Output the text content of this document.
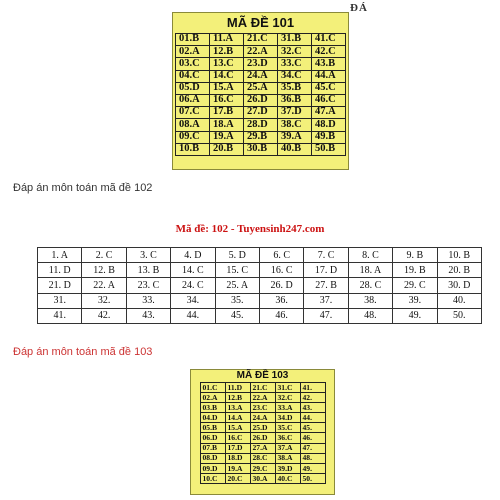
ĐÁ
MÃ ĐỀ 101
01.B	11.A	21.C	31.B	41.C
02.A	12.B	22.A	32.C	42.C
03.C	13.C	23.D	33.C	43.B
04.C	14.C	24.A	34.C	44.A
05.D	15.A	25.A	35.B	45.C
06.A	16.C	26.D	36.B	46.C
07.C	17.B	27.D	37.D	47.A
08.A	18.A	28.D	38.C	48.D
09.C	19.A	29.B	39.A	49.B
10.B	20.B	30.B	40.B	50.B
Đáp án môn toán mã đề 102
Mã đề: 102 - Tuyensinh247.com
1. A	2. C	3. C	4. D	5. D	6. C	7. C	8. C	9. B	10. B
11. D	12. B	13. B	14. C	15. C	16. C	17. D	18. A	19. B	20. B
21. D	22. A	23. C	24. C	25. A	26. D	27. B	28. C	29. C	30. D
31.	32.	33.	34.	35.	36.	37.	38.	39.	40.
41.	42.	43.	44.	45.	46.	47.	48.	49.	50.
Đáp án môn toán mã đề 103
MÃ ĐỀ 103
01.C	11.D	21.C	31.C	41.
02.A	12.B	22.A	32.C	42.
03.B	13.A	23.C	33.A	43.
04.D	14.A	24.A	34.D	44.
05.B	15.A	25.D	35.C	45.
06.D	16.C	26.D	36.C	46.
07.B	17.D	27.A	37.A	47.
08.D	18.D	28.C	38.A	48.
09.D	19.A	29.C	39.D	49.
10.C	20.C	30.A	40.C	50.
